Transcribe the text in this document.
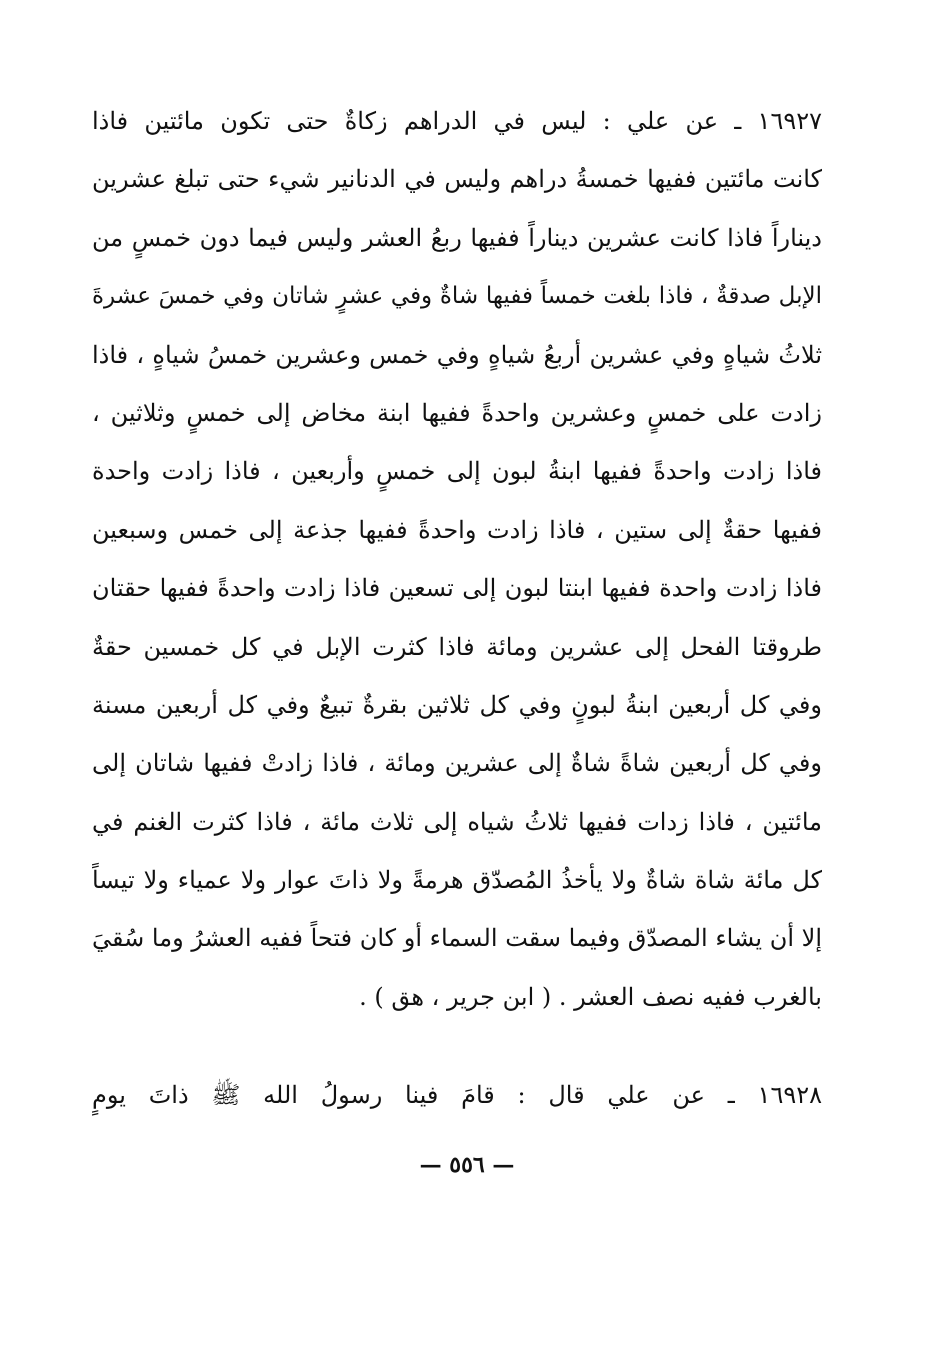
١٦٩٢٧ ـ عن علي : ليس في الدراهم زكاةٌ حتى تكون مائتين فاذا
كانت مائتين ففيها خمسةُ دراهم وليس في الدنانير شيء حتى تبلغ عشرين
ديناراً فاذا كانت عشرين ديناراً ففيها ربعُ العشر وليس فيما دون خمسٍ من
الإبل صدقةٌ ، فاذا بلغت خمساً ففيها شاةٌ وفي عشرٍ شاتان وفي خمسَ عشرةَ
ثلاثُ شياهٍ وفي عشرين أربعُ شياهٍ وفي خمس وعشرين خمسُ شياهٍ ، فاذا
زادت على خمسٍ وعشرين واحدةً ففيها ابنة مخاض إلى خمسٍ وثلاثين ،
فاذا زادت واحدةً ففيها ابنةُ لبون إلى خمسٍ وأربعين ، فاذا زادت واحدة
ففيها حقةٌ إلى ستين ، فاذا زادت واحدةً ففيها جذعة إلى خمس وسبعين
فاذا زادت واحدة ففيها ابنتا لبون إلى تسعين فاذا زادت واحدةً ففيها حقتان
طروقتا الفحل إلى عشرين ومائة فاذا كثرت الإبل في كل خمسين حقةٌ
وفي كل أربعين ابنةُ لبونٍ وفي كل ثلاثين بقرةٌ تبيعٌ وفي كل أربعين مسنة
وفي كل أربعين شاةً شاةٌ إلى عشرين ومائة ، فاذا زادتْ ففيها شاتان إلى
مائتين ، فاذا زدات ففيها ثلاثُ شياه إلى ثلاث مائة ، فاذا كثرت الغنم في
كل مائة شاة شاةٌ ولا يأخذُ المُصدّق هرمةً ولا ذاتَ عوار ولا عمياء ولا تيساً
إلا أن يشاء المصدّق وفيما سقت السماء أو كان فتحاً ففيه العشرُ وما سُقيَ
بالغرب ففيه نصف العشر . ( ابن جرير ، هق ) .
١٦٩٢٨ ـ عن علي قال : قامَ فينا رسولُ الله ﷺ ذاتَ يومٍ
— ٥٥٦ —
